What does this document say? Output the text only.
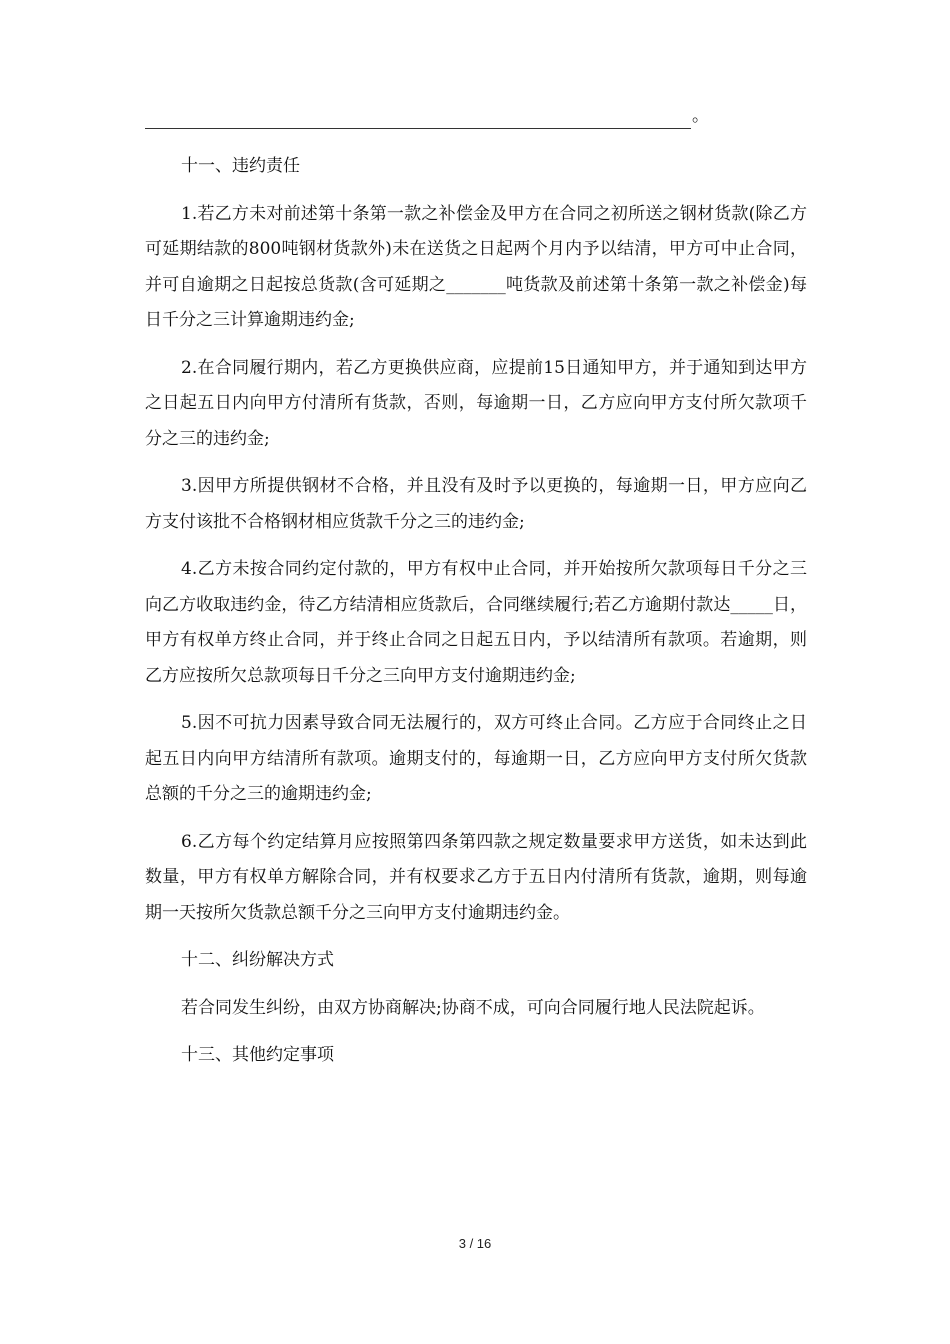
。

十一、违约责任

1.若乙方未对前述第十条第一款之补偿金及甲方在合同之初所送之钢材货款(除乙方可延期结款的800吨钢材货款外)未在送货之日起两个月内予以结清，甲方可中止合同，并可自逾期之日起按总货款(含可延期之_______吨货款及前述第十条第一款之补偿金)每日千分之三计算逾期违约金;

2.在合同履行期内，若乙方更换供应商，应提前15日通知甲方，并于通知到达甲方之日起五日内向甲方付清所有货款，否则，每逾期一日，乙方应向甲方支付所欠款项千分之三的违约金;

3.因甲方所提供钢材不合格，并且没有及时予以更换的，每逾期一日，甲方应向乙方支付该批不合格钢材相应货款千分之三的违约金;

4.乙方未按合同约定付款的，甲方有权中止合同，并开始按所欠款项每日千分之三向乙方收取违约金，待乙方结清相应货款后，合同继续履行;若乙方逾期付款达_____日，甲方有权单方终止合同，并于终止合同之日起五日内，予以结清所有款项。若逾期，则乙方应按所欠总款项每日千分之三向甲方支付逾期违约金;

5.因不可抗力因素导致合同无法履行的，双方可终止合同。乙方应于合同终止之日起五日内向甲方结清所有款项。逾期支付的，每逾期一日，乙方应向甲方支付所欠货款总额的千分之三的逾期违约金;

6.乙方每个约定结算月应按照第四条第四款之规定数量要求甲方送货，如未达到此数量，甲方有权单方解除合同，并有权要求乙方于五日内付清所有货款，逾期，则每逾期一天按所欠货款总额千分之三向甲方支付逾期违约金。

十二、纠纷解决方式

若合同发生纠纷，由双方协商解决;协商不成，可向合同履行地人民法院起诉。

十三、其他约定事项

3 / 16
